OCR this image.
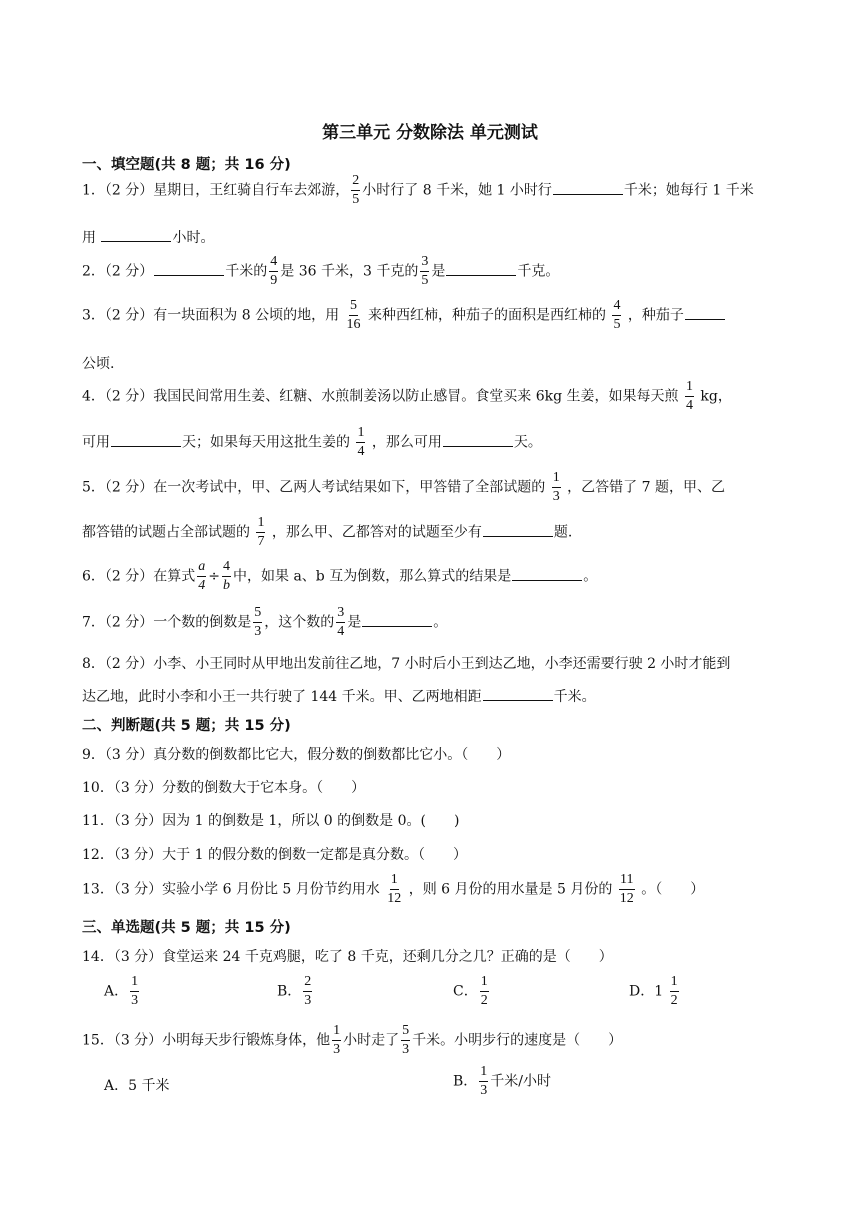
第三单元 分数除法 单元测试
一、填空题(共 8 题；共 16 分)
1．（2 分）星期日，王红骑自行车去郊游， $\frac{2}{5}$ 小时行了 8 千米，她 1 小时行	千米；她每行 1 千米
用	小时。
2．（2 分）	千米的 $\frac{4}{9}$ 是 36 千米，3 千克的 $\frac{3}{5}$ 是	千克。
3．（2 分）有一块面积为 8 公顷的地，用 $\frac{5}{16}$ 来种西红柿，种茄子的面积是西红柿的 $\frac{4}{5}$ ，种茄子
公顷.
4．（2 分）我国民间常用生姜、红糖、水煎制姜汤以防止感冒。食堂买来 6kg 生姜，如果每天煎 $\frac{1}{4}$ kg，
可用	天；如果每天用这批生姜的 $\frac{1}{4}$ ，那么可用	天。
5．（2 分）在一次考试中，甲、乙两人考试结果如下，甲答错了全部试题的 $\frac{1}{3}$ ，乙答错了 7 题，甲、乙
都答错的试题占全部试题的 $\frac{1}{7}$ ，那么甲、乙都答对的试题至少有	题.
6．（2 分）在算式 $\frac{a}{4} \div \frac{4}{b}$ 中，如果 a、b 互为倒数，那么算式的结果是	。
7．（2 分）一个数的倒数是 $\frac{5}{3}$ ，这个数的 $\frac{3}{4}$ 是	。
8．（2 分）小李、小王同时从甲地出发前往乙地，7 小时后小王到达乙地，小李还需要行驶 2 小时才能到
达乙地，此时小李和小王一共行驶了 144 千米。甲、乙两地相距	千米。
二、判断题(共 5 题；共 15 分)
9．（3 分）真分数的倒数都比它大，假分数的倒数都比它小。（　　）
10．（3 分）分数的倒数大于它本身。（　　）
11．（3 分）因为 1 的倒数是 1，所以 0 的倒数是 0。(　　)
12．（3 分）大于 1 的假分数的倒数一定都是真分数。（　　）
13．（3 分）实验小学 6 月份比 5 月份节约用水 $\frac{1}{12}$ ，则 6 月份的用水量是 5 月份的 $\frac{11}{12}$ 。（　　）
三、单选题(共 5 题；共 15 分)
14．（3 分）食堂运来 24 千克鸡腿，吃了 8 千克，还剩几分之几？正确的是（　　）
A． $\frac{1}{3}$	B． $\frac{2}{3}$	C． $\frac{1}{2}$	D．$1 \frac{1}{2}$
15．（3 分）小明每天步行锻炼身体，他 $\frac{1}{3}$ 小时走了 $\frac{5}{3}$ 千米。小明步行的速度是（　　）
A．5 千米	B． $\frac{1}{3}$ 千米/小时
